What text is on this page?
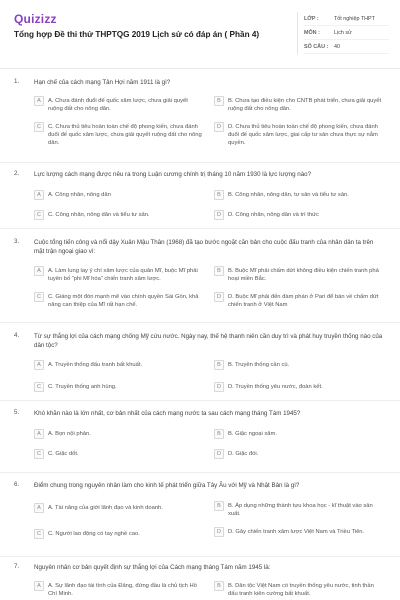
Quizizz
Tổng hợp Đề thi thử THPTQG 2019 Lịch sử có đáp án ( Phần 4)
LỚP :	Tốt nghiệp THPT
MÔN :	Lịch sử
SỐ CÂU :	40
1. Hạn chế của cách mạng Tân Hợi năm 1911 là gì?
A	A. Chưa đánh đuổi đế quốc xâm lược, chưa giải quyết ruộng đất cho nông dân.
B	B. Chưa tạo điều kiện cho CNTB phát triển, chưa giải quyết ruộng đất cho nông dân.
C	C. Chưa thủ tiêu hoàn toàn chế độ phong kiến, chưa đánh đuổi đế quốc xâm lược, chưa giải quyết ruộng đất cho nông dân.
D	D. Chưa thủ tiêu hoàn toàn chế độ phong kiến, chưa đánh đuổi đế quốc xâm lược, giai cấp tư sản chưa thực sự nắm quyền.
2. Lực lượng cách mạng được nêu ra trong Luận cương chính trị tháng 10 năm 1930 là lực lượng nào?
A	A. Công nhân, nông dân	B	B. Công nhân, nông dân, tư sản và tiểu tư sản.
C	C. Công nhân, nông dân và tiểu tư sản.	D	D. Công nhân, nông dân và trí thức
3. Cuộc tổng tiến công và nổi dậy Xuân Mậu Thân (1968) đã tạo bước ngoặt căn bản cho cuộc đấu tranh của nhân dân ta trên mặt trận ngoại giao vì:
A	A. Làm lung lay ý chí xâm lược của quân Mĩ, buộc Mĩ phải tuyên bố “phi Mĩ hóa” chiến tranh xâm lược.
B	B. Buộc Mĩ phải chấm dứt không điều kiện chiến tranh phá hoại miền Bắc.
C	C. Giáng một đòn mạnh mẽ vào chính quyền Sài Gòn, khả năng can thiệp của Mĩ rất hạn chế.
D	D. Buộc Mĩ phải đến đàm phán ở Pari để bàn về chấm dứt chiến tranh ở Việt Nam
4. Từ sự thắng lợi của cách mạng chống Mỹ cứu nước. Ngày nay, thế hệ thanh niên cần duy trì và phát huy truyền thống nào của dân tộc?
A	A. Truyền thống đấu tranh bất khuất.	B	B. Truyền thống cần cù.
C	C. Truyền thống anh hùng.	D	D. Truyền thống yêu nước, đoàn kết.
5. Khó khăn nào là lớn nhất, cơ bản nhất của cách mạng nước ta sau cách mạng tháng Tám 1945?
A	A. Bọn nội phản.	B	B. Giặc ngoại xâm.
C	C. Giặc dốt.	D	D. Giặc đói.
6. Điểm chung trong nguyên nhân làm cho kinh tế phát triển giữa Tây Âu với Mỹ và Nhật Bản là gì?
A	A. Tài năng của giới lãnh đạo và kinh doanh.	B	B. Áp dụng những thành tựu khoa học - kĩ thuật vào sản xuất.
C	C. Người lao động có tay nghề cao.	D	D. Gây chiến tranh xâm lược Việt Nam và Triều Tiên.
7. Nguyên nhân cơ bản quyết định sự thắng lợi của Cách mạng tháng Tám năm 1945 là:
A	A. Sự lãnh đạo tài tình của Đảng, đứng đầu là chủ tịch Hồ Chí Minh.
B	B. Dân tộc Việt Nam có truyền thống yêu nước, tinh thần đấu tranh kiên cường bất khuất.
